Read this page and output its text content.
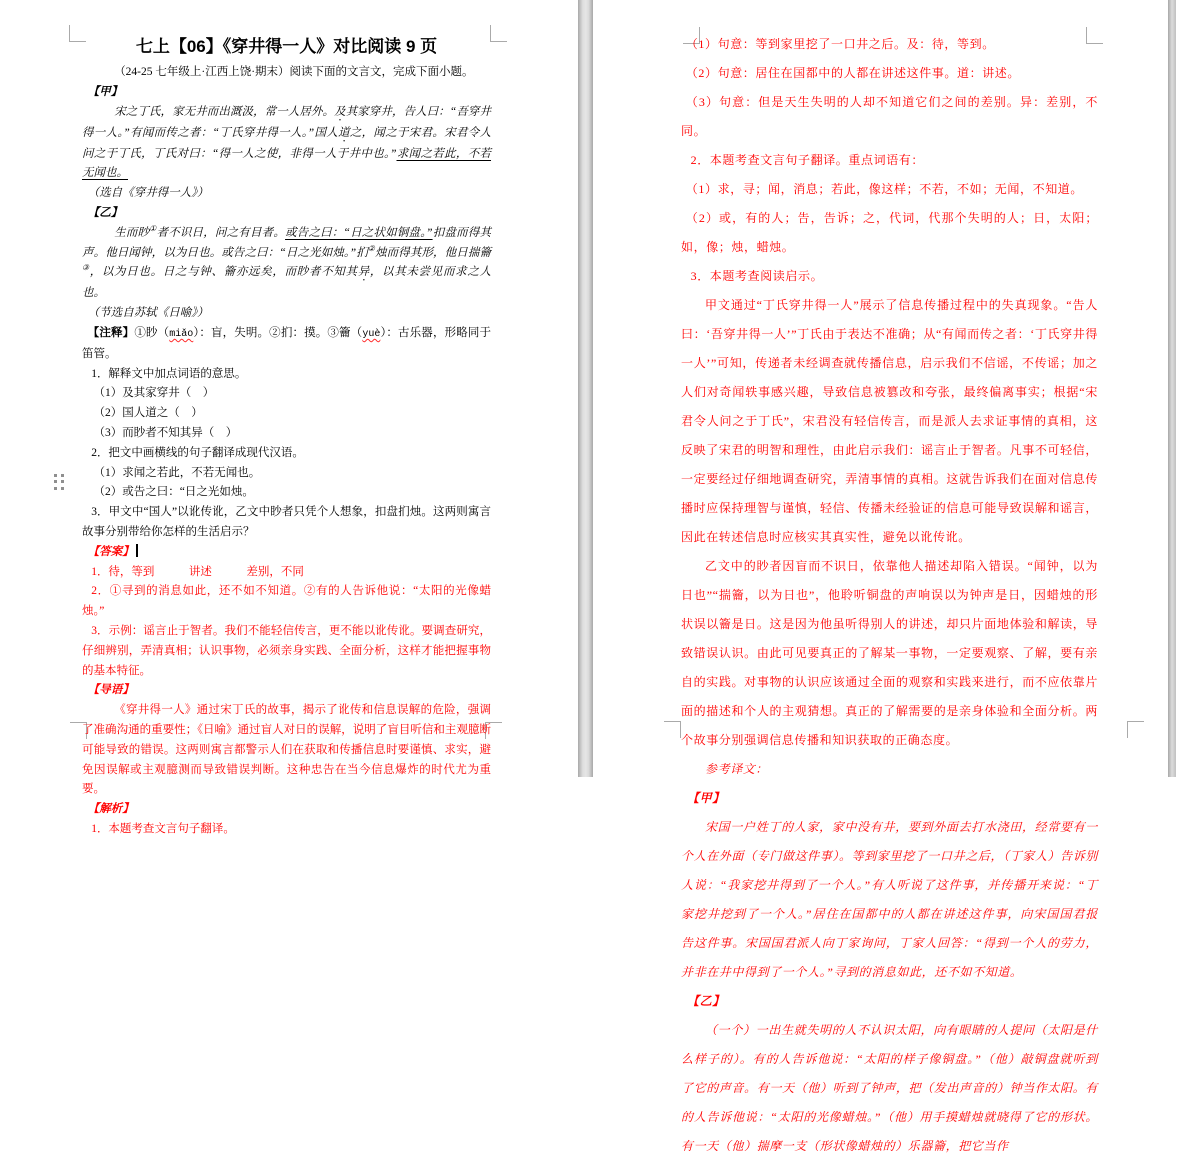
七上【06】《穿井得一人》对比阅读 9 页

（24-25 七年级上·江西上饶·期末）阅读下面的文言文，完成下面小题。

【甲】

宋之丁氏，家无井而出溉汲，常一人居外。及其家穿井，告人曰：“吾穿井得一人。”有闻而传之者：“丁氏穿井得一人。”国人道之，闻之于宋君。宋君令人问之于丁氏，丁氏对曰：“得一人之使，非得一人于井中也。”求闻之若此，不若无闻也。

（选自《穿井得一人》）

【乙】

生而眇①者不识日，问之有目者。或告之曰：“日之状如铜盘。”扣盘而得其声。他日闻钟，以为日也。或告之曰：“日之光如烛。”扪②烛而得其形，他日揣籥③，以为日也。日之与钟、籥亦远矣，而眇者不知其异，以其未尝见而求之人也。

（节选自苏轼《日喻》）

【注释】①眇（miǎo）：盲，失明。②扪：摸。③籥（yuè）：古乐器，形略同于笛管。

1．解释文中加点词语的意思。

（1）及其家穿井（　）

（2）国人道之（　）

（3）而眇者不知其异（　）

2．把文中画横线的句子翻译成现代汉语。

（1）求闻之若此，不若无闻也。

（2）或告之曰：“日之光如烛。

3．甲文中“国人”以讹传讹，乙文中眇者只凭个人想象，扣盘扪烛。这两则寓言故事分别带给你怎样的生活启示？

【答案】

1．待，等到　　　讲述　　　差别，不同

2．①寻到的消息如此，还不如不知道。②有的人告诉他说：“太阳的光像蜡烛。”

3．示例：谣言止于智者。我们不能轻信传言，更不能以讹传讹。要调查研究，仔细辨别，弄清真相；认识事物，必须亲身实践、全面分析，这样才能把握事物的基本特征。

【导语】

《穿井得一人》通过宋丁氏的故事，揭示了讹传和信息误解的危险，强调了准确沟通的重要性；《日喻》通过盲人对日的误解，说明了盲目听信和主观臆断可能导致的错误。这两则寓言都警示人们在获取和传播信息时要谨慎、求实，避免因误解或主观臆测而导致错误判断。这种忠告在当今信息爆炸的时代尤为重要。

【解析】

1．本题考查文言句子翻译。

（1）句意：等到家里挖了一口井之后。及：待，等到。

（2）句意：居住在国都中的人都在讲述这件事。道：讲述。

（3）句意：但是天生失明的人却不知道它们之间的差别。异：差别，不同。

2．本题考查文言句子翻译。重点词语有：

（1）求，寻；闻，消息；若此，像这样；不若，不如；无闻，不知道。

（2）或，有的人；告，告诉；之，代词，代那个失明的人；日，太阳；如，像；烛，蜡烛。

3．本题考查阅读启示。

甲文通过“丁氏穿井得一人”展示了信息传播过程中的失真现象。“告人曰：‘吾穿井得一人’”丁氏由于表达不准确；从“有闻而传之者：‘丁氏穿井得一人’”可知，传递者未经调查就传播信息，启示我们不信谣，不传谣；加之人们对奇闻轶事感兴趣，导致信息被篡改和夸张，最终偏离事实；根据“宋君令人问之于丁氏”，宋君没有轻信传言，而是派人去求证事情的真相，这反映了宋君的明智和理性，由此启示我们：谣言止于智者。凡事不可轻信，一定要经过仔细地调查研究，弄清事情的真相。这就告诉我们在面对信息传播时应保持理智与谨慎，轻信、传播未经验证的信息可能导致误解和谣言，因此在转述信息时应核实其真实性，避免以讹传讹。

乙文中的眇者因盲而不识日，依靠他人描述却陷入错误。“闻钟，以为日也”“揣籥，以为日也”，他聆听铜盘的声响误以为钟声是日，因蜡烛的形状误以籥是日。这是因为他虽听得别人的讲述，却只片面地体验和解读，导致错误认识。由此可见要真正的了解某一事物，一定要观察、了解，要有亲自的实践。对事物的认识应该通过全面的观察和实践来进行，而不应依靠片面的描述和个人的主观猜想。真正的了解需要的是亲身体验和全面分析。两个故事分别强调信息传播和知识获取的正确态度。

参考译文：

【甲】

宋国一户姓丁的人家，家中没有井，要到外面去打水浇田，经常要有一个人在外面（专门做这件事）。等到家里挖了一口井之后，（丁家人）告诉别人说：“我家挖井得到了一个人。”有人听说了这件事，并传播开来说：“丁家挖井挖到了一个人。”居住在国都中的人都在讲述这件事，向宋国国君报告这件事。宋国国君派人向丁家询问，丁家人回答：“得到一个人的劳力，并非在井中得到了一个人。”寻到的消息如此，还不如不知道。

【乙】

（一个）一出生就失明的人不认识太阳，向有眼睛的人提问（太阳是什么样子的）。有的人告诉他说：“太阳的样子像铜盘。”（他）敲铜盘就听到了它的声音。有一天（他）听到了钟声，把（发出声音的）钟当作太阳。有的人告诉他说：“太阳的光像蜡烛。”（他）用手摸蜡烛就晓得了它的形状。有一天（他）揣摩一支（形状像蜡烛的）乐器籥，把它当作
